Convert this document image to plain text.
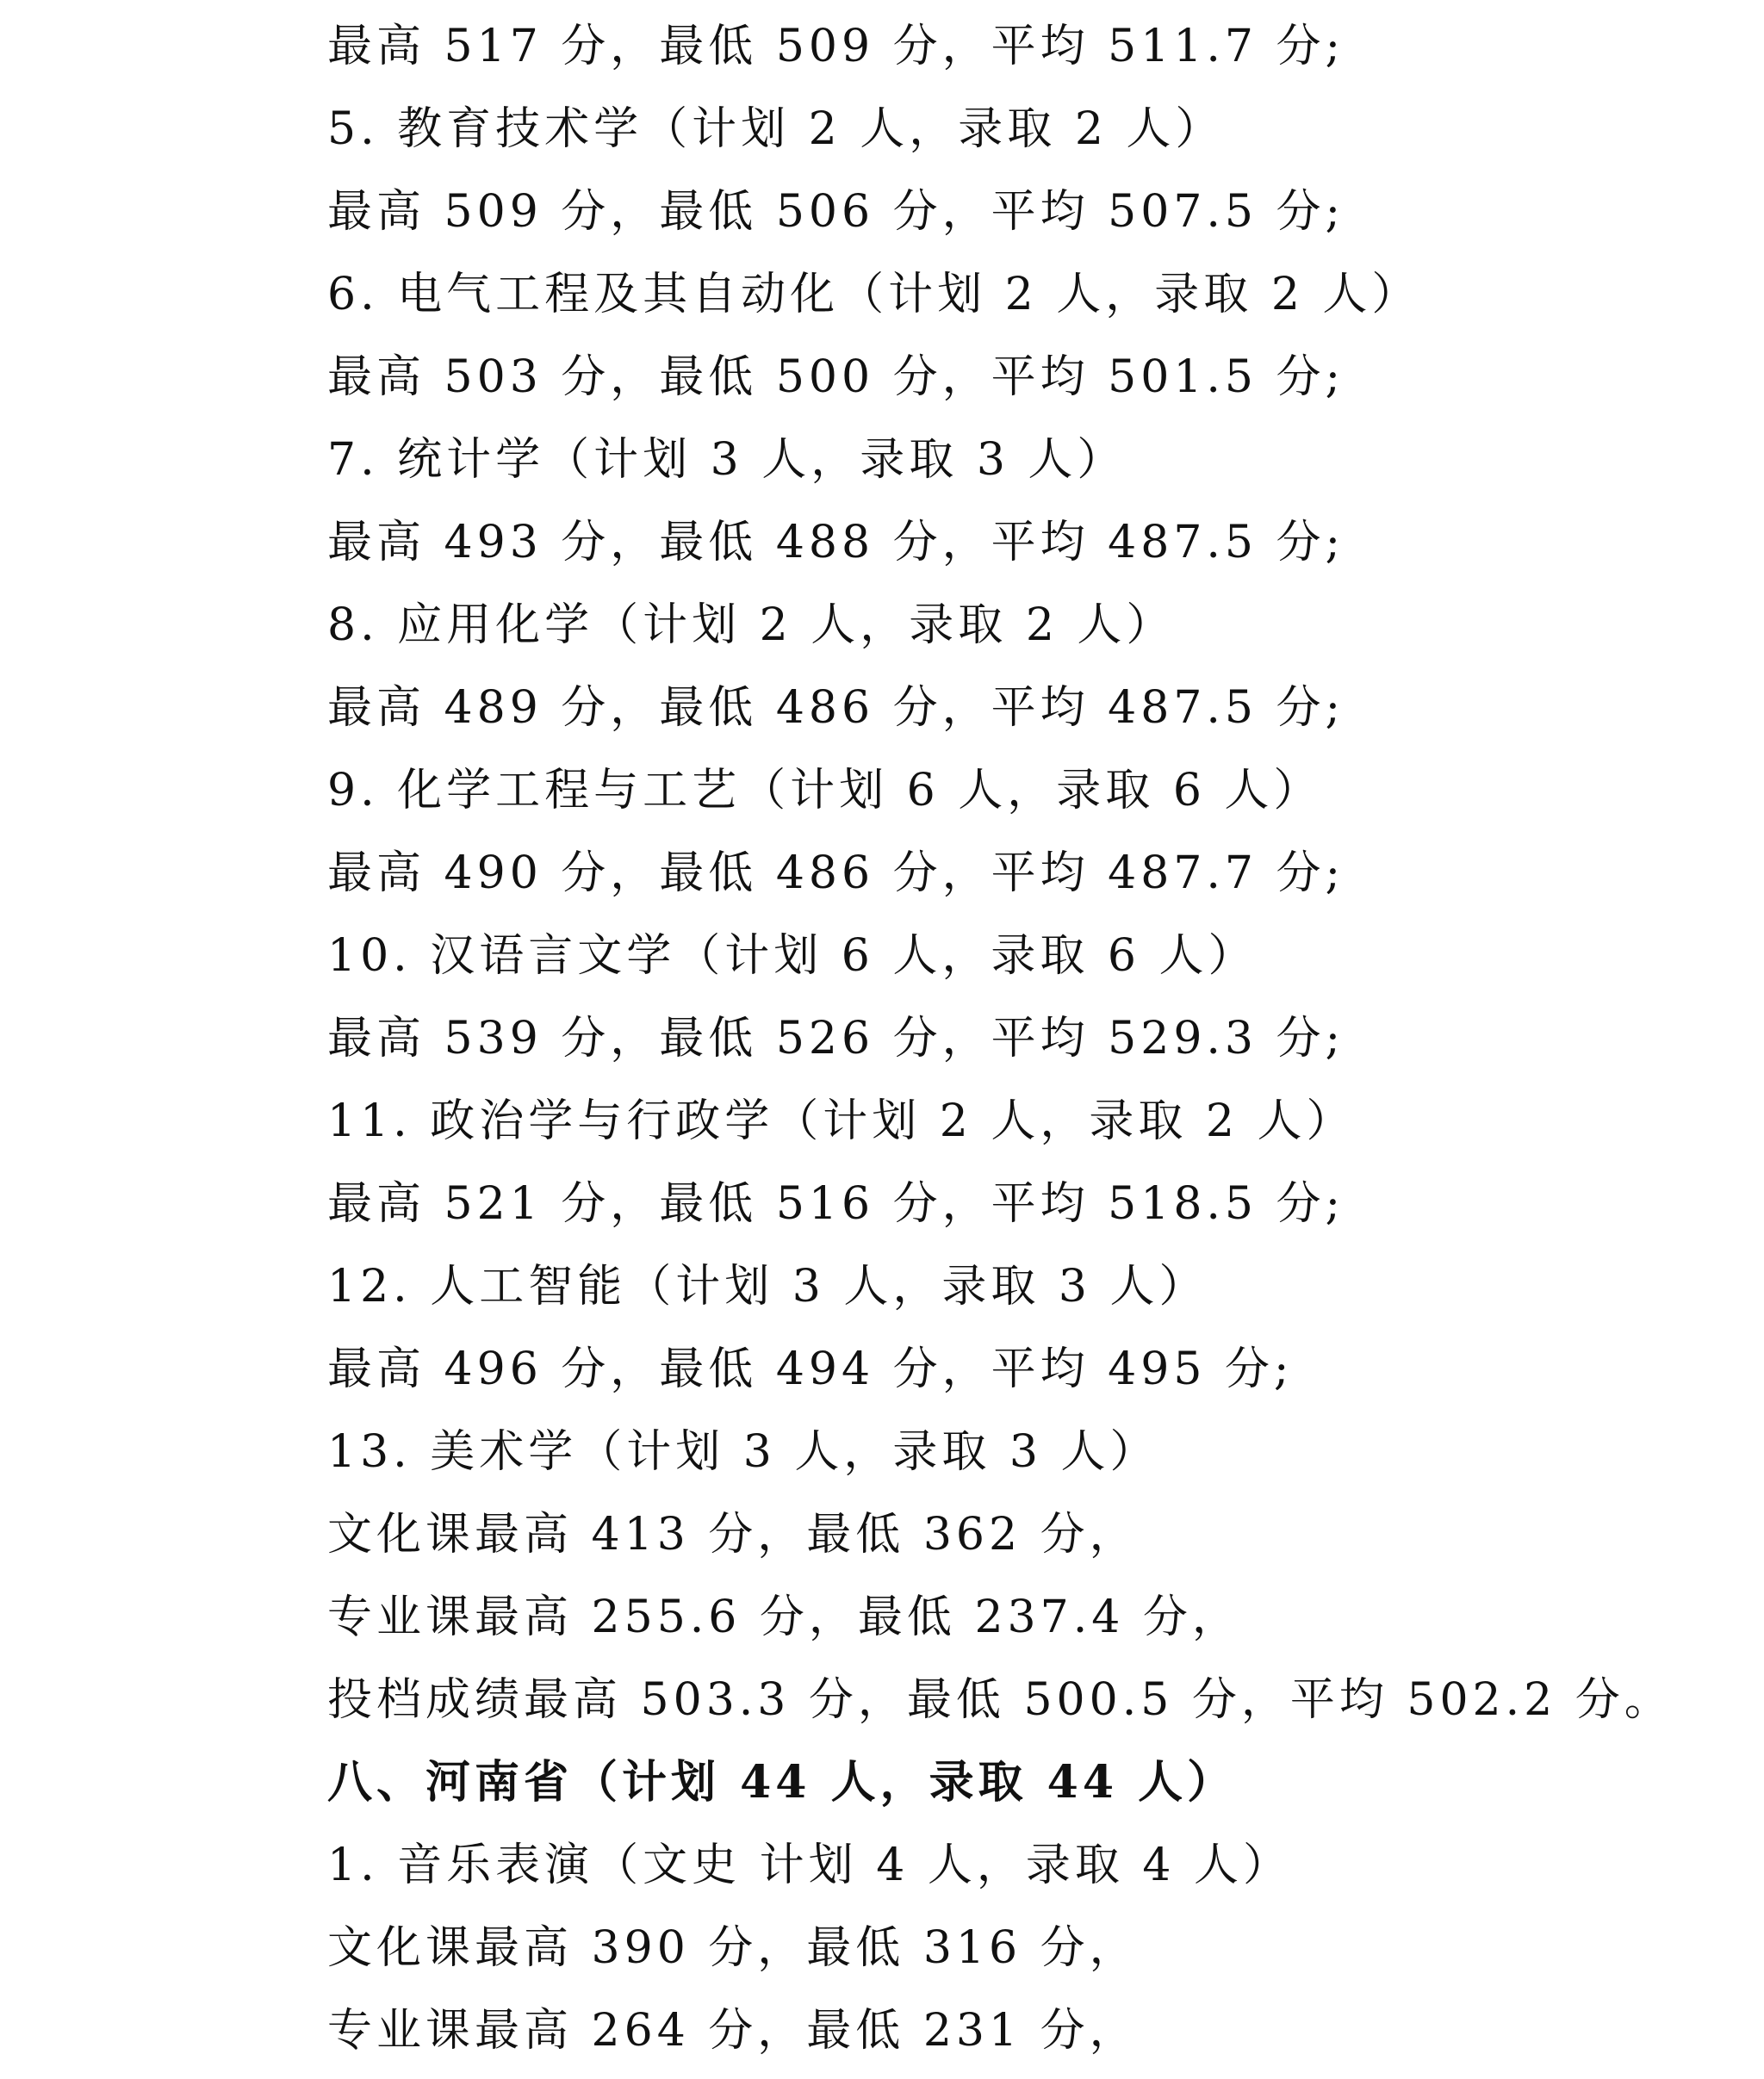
最高 517 分，最低 509 分，平均 511.7 分;
5. 教育技术学（计划 2 人，录取 2 人）
最高 509 分，最低 506 分，平均 507.5 分;
6. 电气工程及其自动化（计划 2 人，录取 2 人）
最高 503 分，最低 500 分，平均 501.5 分;
7. 统计学（计划 3 人，录取 3 人）
最高 493 分，最低 488 分，平均 487.5 分;
8. 应用化学（计划 2 人，录取 2 人）
最高 489 分，最低 486 分，平均 487.5 分;
9. 化学工程与工艺（计划 6 人，录取 6 人）
最高 490 分，最低 486 分，平均 487.7 分;
10. 汉语言文学（计划 6 人，录取 6 人）
最高 539 分，最低 526 分，平均 529.3 分;
11. 政治学与行政学（计划 2 人，录取 2 人）
最高 521 分，最低 516 分，平均 518.5 分;
12. 人工智能（计划 3 人，录取 3 人）
最高 496 分，最低 494 分，平均 495 分;
13. 美术学（计划 3 人，录取 3 人）
文化课最高 413 分，最低 362 分，
专业课最高 255.6 分，最低 237.4 分，
投档成绩最高 503.3 分，最低 500.5 分，平均 502.2 分。
八、河南省（计划 44 人，录取 44 人）
1. 音乐表演（文史 计划 4 人，录取 4 人）
文化课最高 390 分，最低 316 分，
专业课最高 264 分，最低 231 分，
